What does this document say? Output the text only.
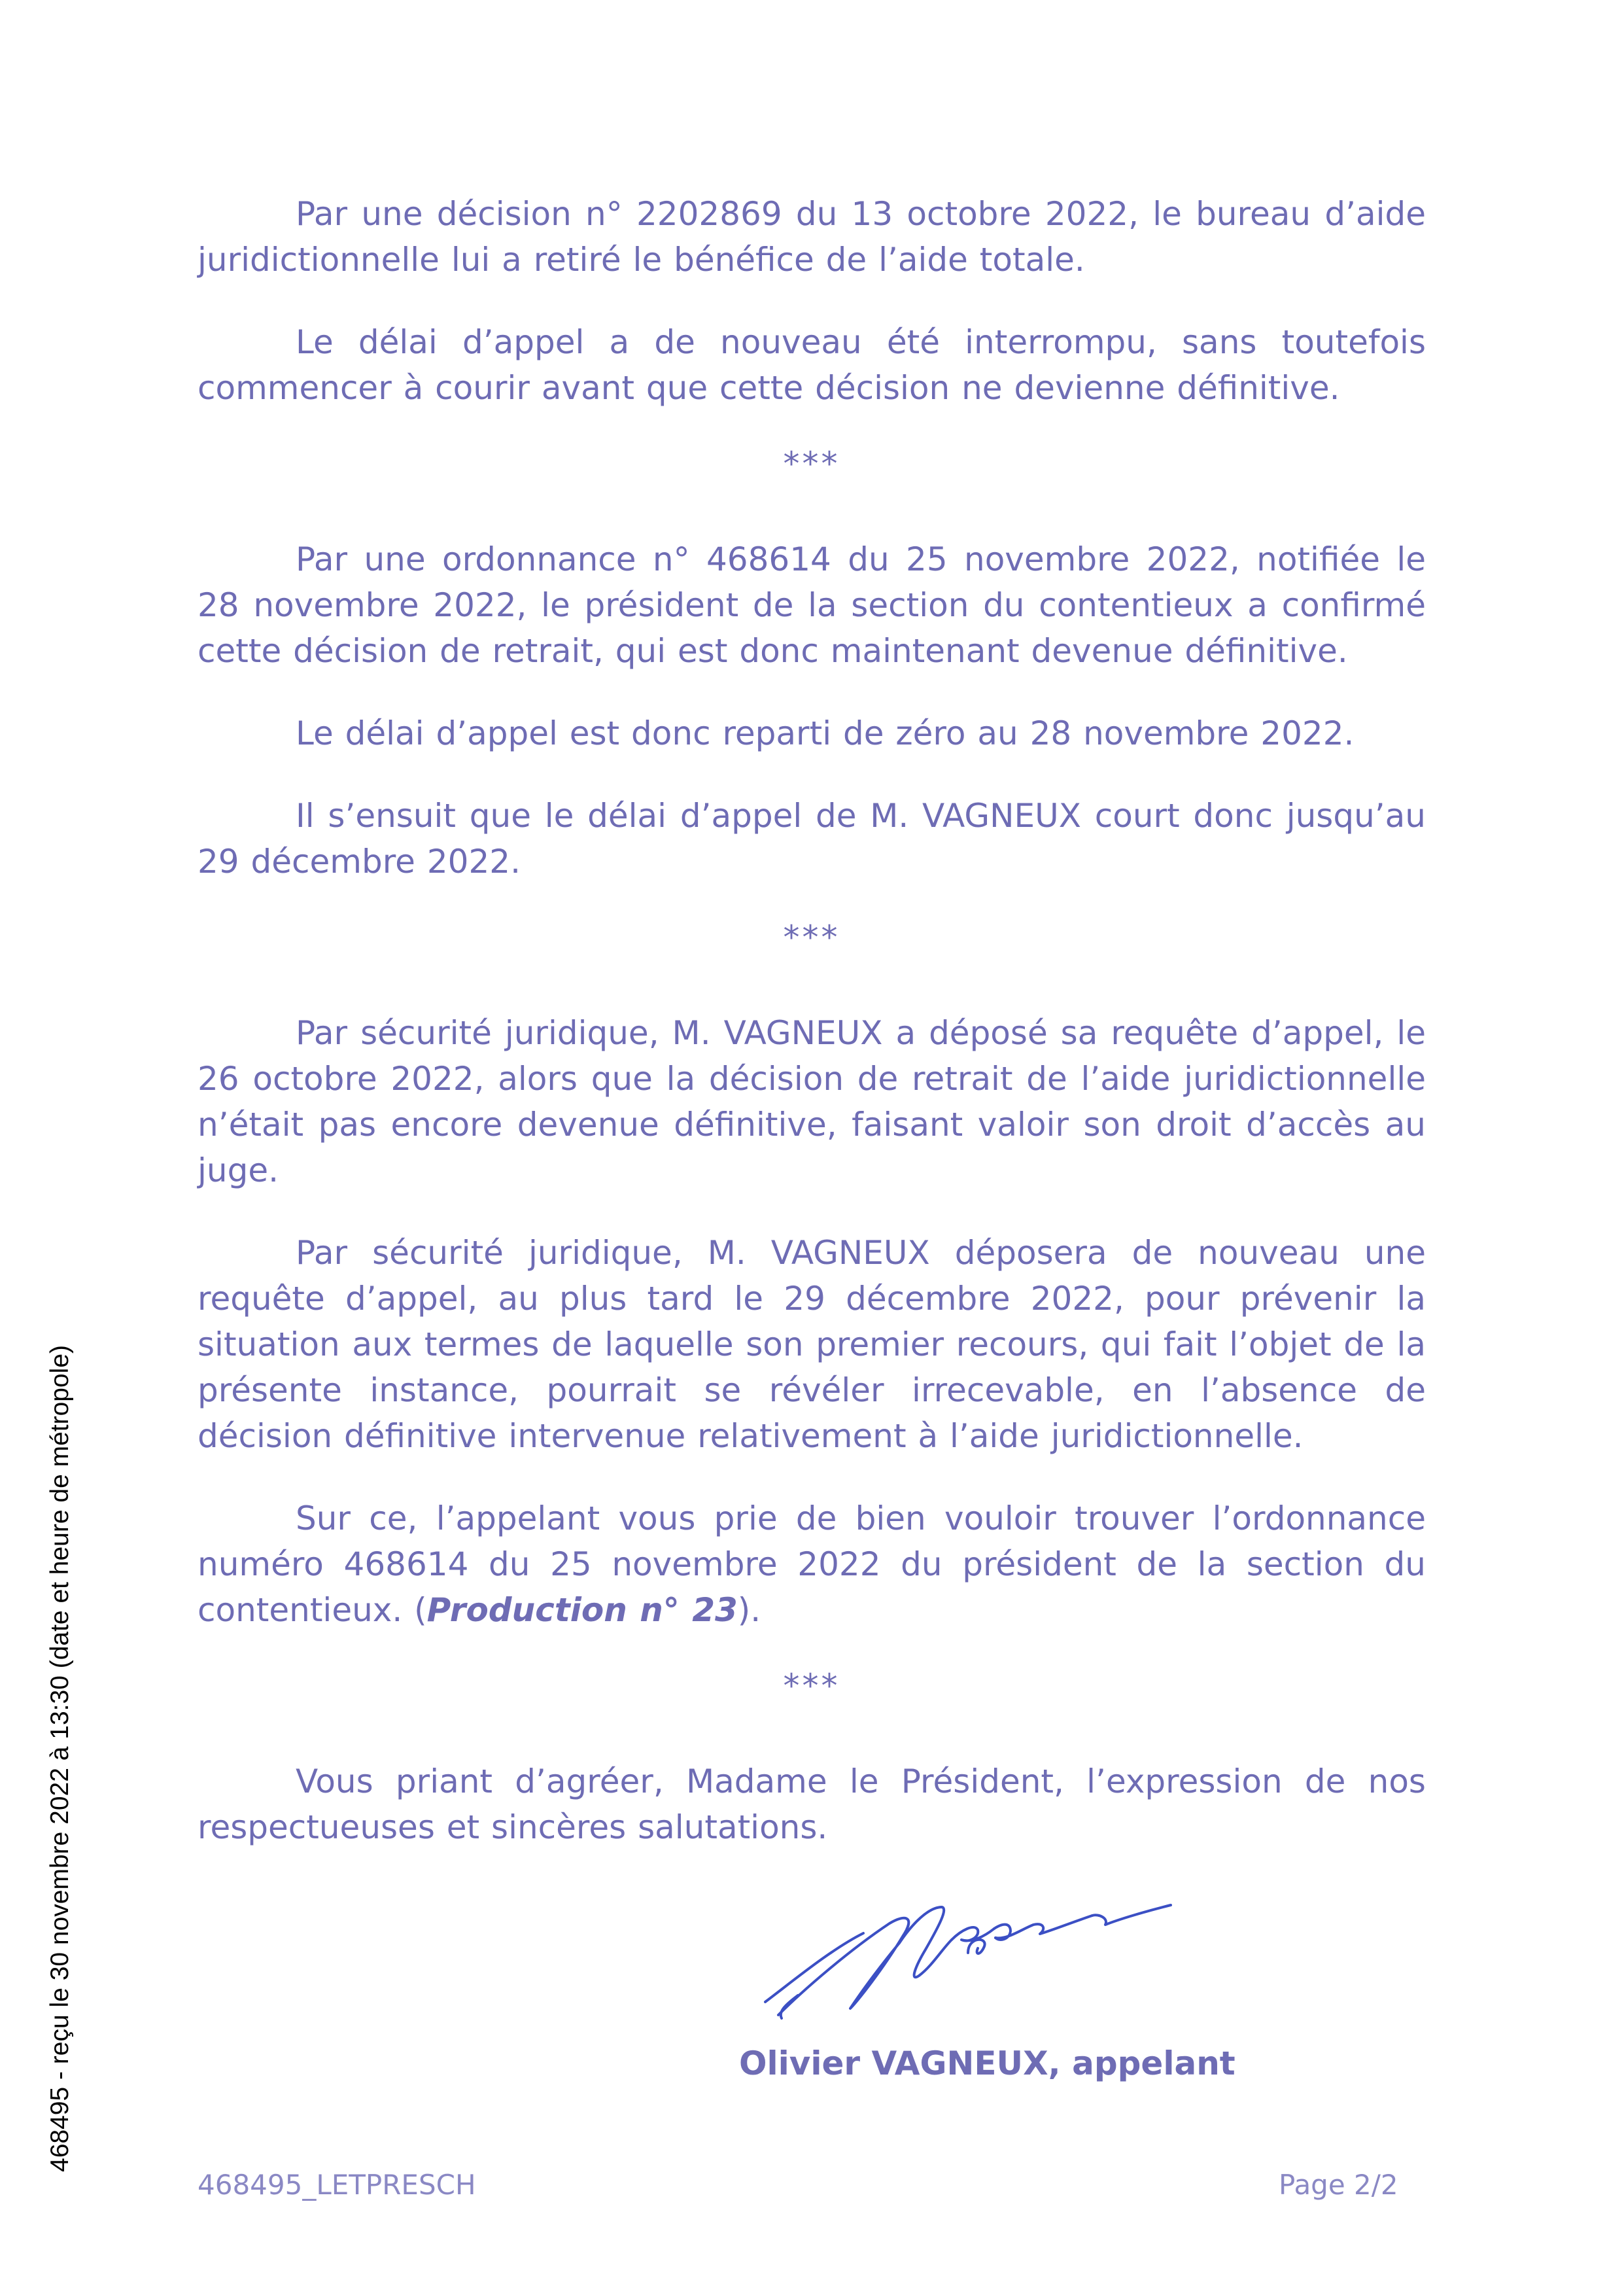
Par une décision n° 2202869 du 13 octobre 2022, le bureau d’aide juridictionnelle lui a retiré le bénéfice de l’aide totale.

Le délai d’appel a de nouveau été interrompu, sans toutefois commencer à courir avant que cette décision ne devienne définitive.

***

Par une ordonnance n° 468614 du 25 novembre 2022, notifiée le 28 novembre 2022, le président de la section du contentieux a confirmé cette décision de retrait, qui est donc maintenant devenue définitive.

Le délai d’appel est donc reparti de zéro au 28 novembre 2022.

Il s’ensuit que le délai d’appel de M. VAGNEUX court donc jusqu’au 29 décembre 2022.

***

Par sécurité juridique, M. VAGNEUX a déposé sa requête d’appel, le 26 octobre 2022, alors que la décision de retrait de l’aide juridictionnelle n’était pas encore devenue définitive, faisant valoir son droit d’accès au juge.

Par sécurité juridique, M. VAGNEUX déposera de nouveau une requête d’appel, au plus tard le 29 décembre 2022, pour prévenir la situation aux termes de laquelle son premier recours, qui fait l’objet de la présente instance, pourrait se révéler irrecevable, en l’absence de décision définitive intervenue relativement à l’aide juridictionnelle.

Sur ce, l’appelant vous prie de bien vouloir trouver l’ordonnance numéro 468614 du 25 novembre 2022 du président de la section du contentieux. (Production n° 23).

***

Vous priant d’agréer, Madame le Président, l’expression de nos respectueuses et sincères salutations.

Olivier VAGNEUX, appelant
468495_LETPRESCH	Page 2/2
468495 - reçu le 30 novembre 2022 à 13:30 (date et heure de métropole)
